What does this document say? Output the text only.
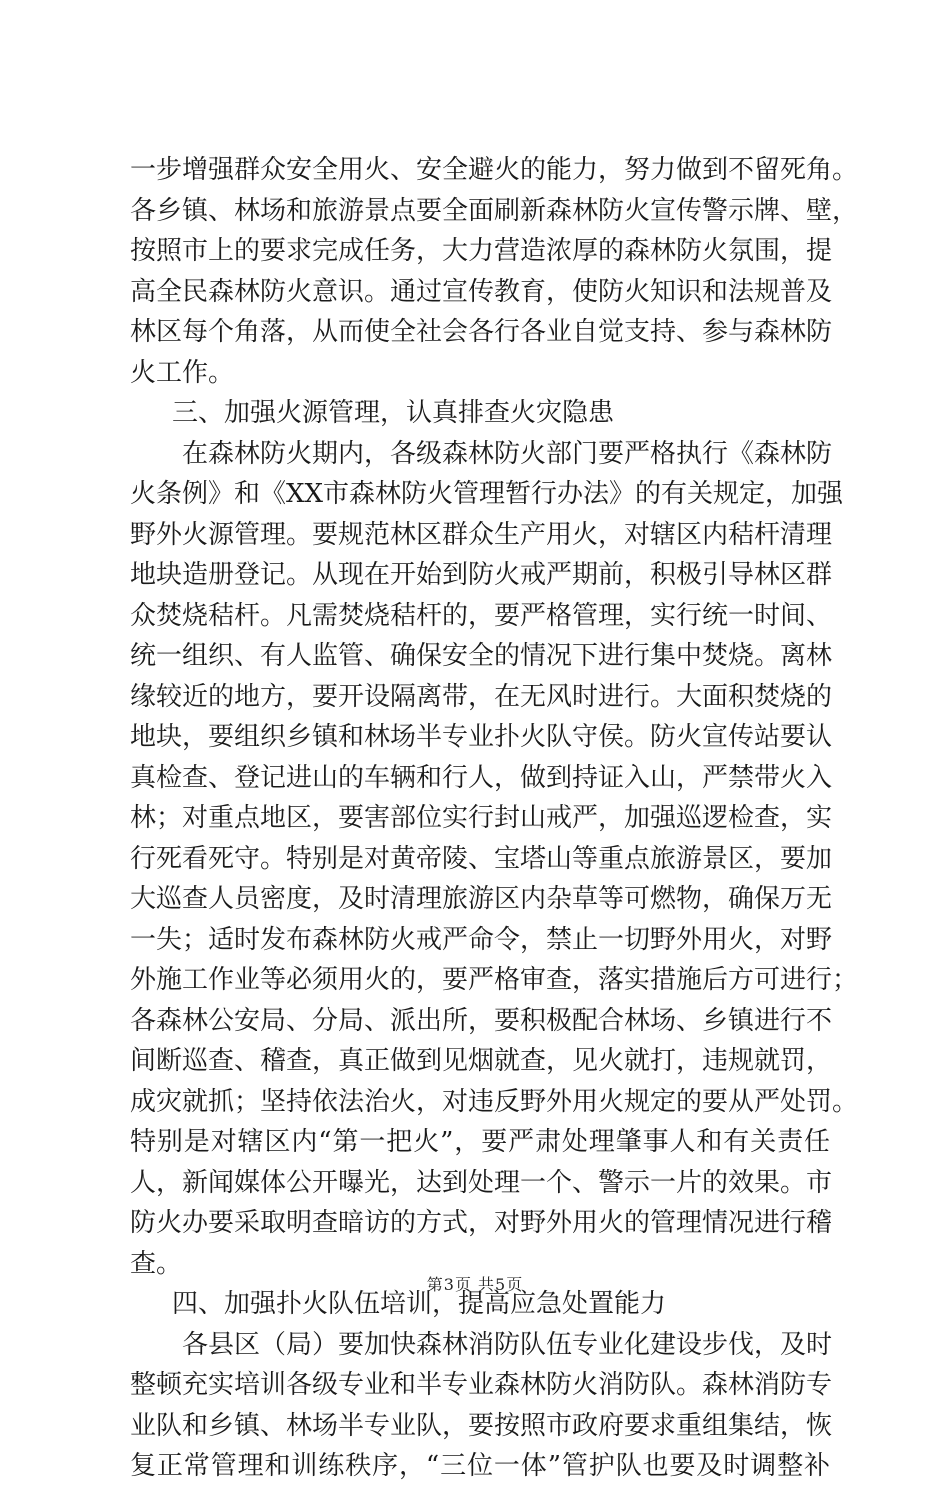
一步增强群众安全用火、安全避火的能力，努力做到不留死角。
各乡镇、林场和旅游景点要全面刷新森林防火宣传警示牌、壁，
按照市上的要求完成任务，大力营造浓厚的森林防火氛围，提
高全民森林防火意识。通过宣传教育，使防火知识和法规普及
林区每个角落，从而使全社会各行各业自觉支持、参与森林防
火工作。
三、加强火源管理，认真排查火灾隐患
在森林防火期内，各级森林防火部门要严格执行《森林防
火条例》和《XX市森林防火管理暂行办法》的有关规定，加强
野外火源管理。要规范林区群众生产用火，对辖区内秸杆清理
地块造册登记。从现在开始到防火戒严期前，积极引导林区群
众焚烧秸杆。凡需焚烧秸杆的，要严格管理，实行统一时间、
统一组织、有人监管、确保安全的情况下进行集中焚烧。离林
缘较近的地方，要开设隔离带，在无风时进行。大面积焚烧的
地块，要组织乡镇和林场半专业扑火队守侯。防火宣传站要认
真检查、登记进山的车辆和行人，做到持证入山，严禁带火入
林；对重点地区，要害部位实行封山戒严，加强巡逻检查，实
行死看死守。特别是对黄帝陵、宝塔山等重点旅游景区，要加
大巡查人员密度，及时清理旅游区内杂草等可燃物，确保万无
一失；适时发布森林防火戒严命令，禁止一切野外用火，对野
外施工作业等必须用火的，要严格审查，落实措施后方可进行；
各森林公安局、分局、派出所，要积极配合林场、乡镇进行不
间断巡查、稽查，真正做到见烟就查，见火就打，违规就罚，
成灾就抓；坚持依法治火，对违反野外用火规定的要从严处罚。
特别是对辖区内“第一把火”，要严肃处理肇事人和有关责任
人，新闻媒体公开曝光，达到处理一个、警示一片的效果。市
防火办要采取明查暗访的方式，对野外用火的管理情况进行稽
查。
四、加强扑火队伍培训，提高应急处置能力
各县区（局）要加快森林消防队伍专业化建设步伐，及时
整顿充实培训各级专业和半专业森林防火消防队。森林消防专
业队和乡镇、林场半专业队，要按照市政府要求重组集结，恢
复正常管理和训练秩序，“三位一体”管护队也要及时调整补
第3页 共5页
